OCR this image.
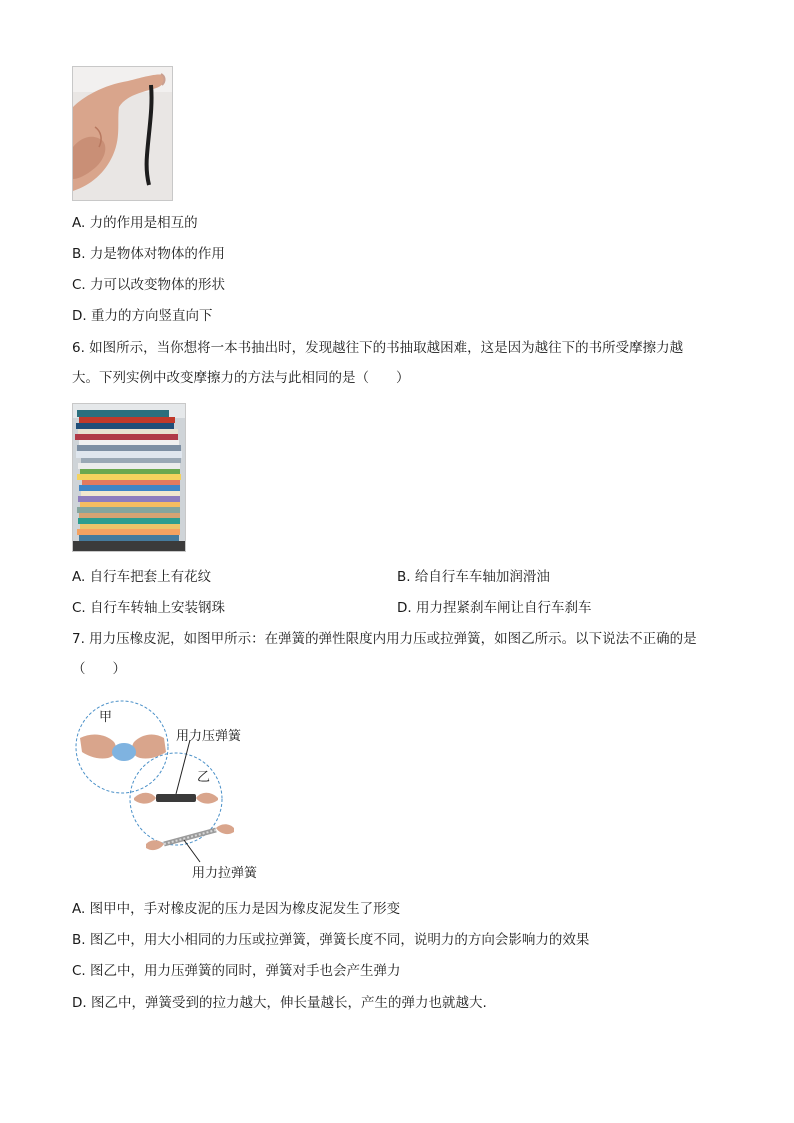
A. 力的作用是相互的
B. 力是物体对物体的作用
C. 力可以改变物体的形状
D. 重力的方向竖直向下
6. 如图所示，当你想将一本书抽出时，发现越往下的书抽取越困难，这是因为越往下的书所受摩擦力越
大。下列实例中改变摩擦力的方法与此相同的是（　　）
A. 自行车把套上有花纹	B. 给自行车车轴加润滑油
C. 自行车转轴上安装钢珠	D. 用力捏紧刹车闸让自行车刹车
7. 用力压橡皮泥，如图甲所示：在弹簧的弹性限度内用力压或拉弹簧，如图乙所示。以下说法不正确的是
（　　）
甲
乙
用力压弹簧
用力拉弹簧
A. 图甲中，手对橡皮泥的压力是因为橡皮泥发生了形变
B. 图乙中，用大小相同的力压或拉弹簧，弹簧长度不同，说明力的方向会影响力的效果
C. 图乙中，用力压弹簧的同时，弹簧对手也会产生弹力
D. 图乙中，弹簧受到的拉力越大，伸长量越长，产生的弹力也就越大.
